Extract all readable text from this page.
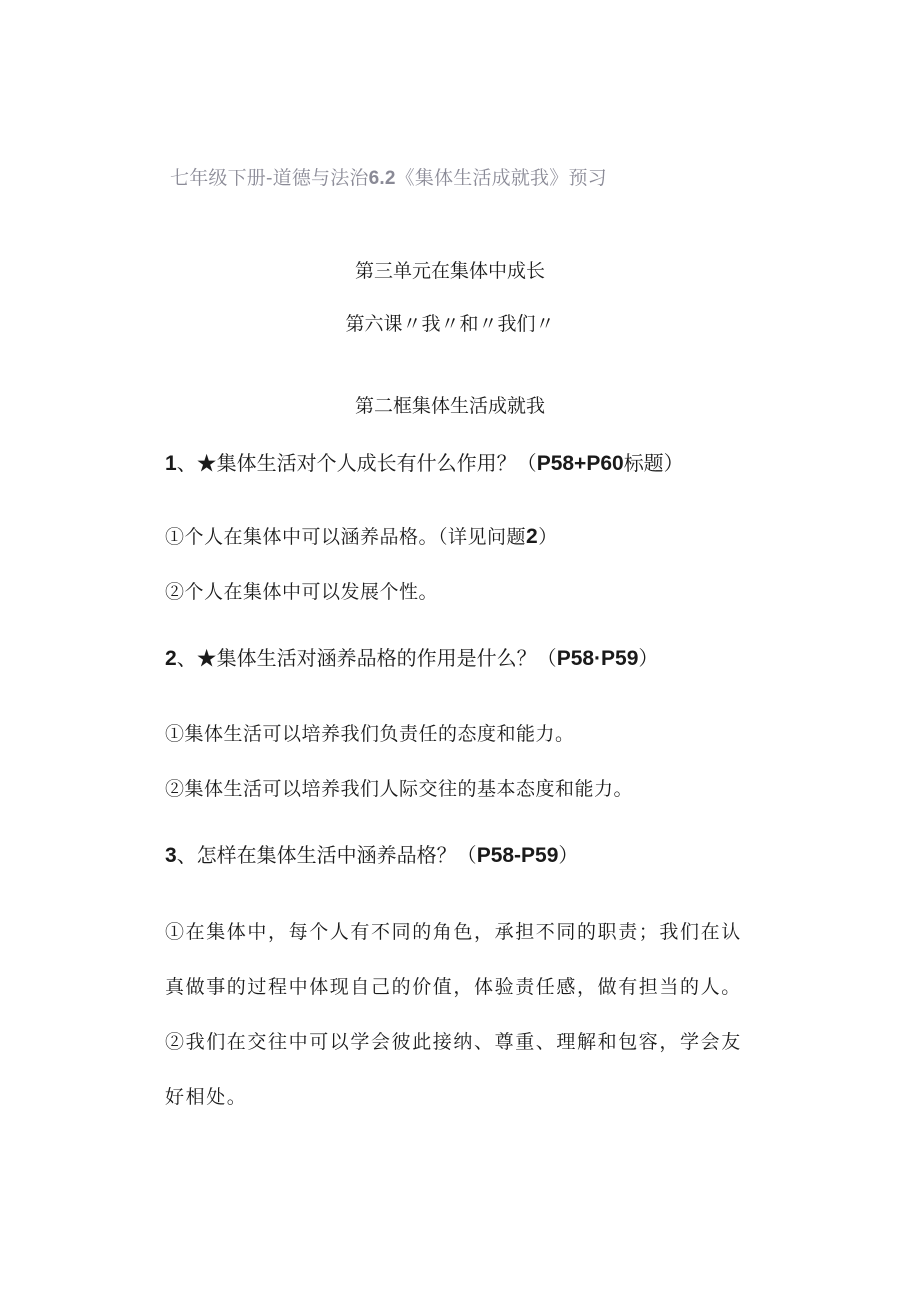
七年级下册-道德与法治6.2《集体生活成就我》预习
第三单元在集体中成长
第六课〃我〃和〃我们〃
第二框集体生活成就我
1、★集体生活对个人成长有什么作用？（P58+P60标题）
①个人在集体中可以涵养品格。（详见问题2）
②个人在集体中可以发展个性。
2、★集体生活对涵养品格的作用是什么？（P58·P59）
①集体生活可以培养我们负责任的态度和能力。
②集体生活可以培养我们人际交往的基本态度和能力。
3、怎样在集体生活中涵养品格？（P58-P59）
①在集体中，每个人有不同的角色，承担不同的职责；我们在认真做事的过程中体现自己的价值，体验责任感，做有担当的人。
②我们在交往中可以学会彼此接纳、尊重、理解和包容，学会友好相处。
